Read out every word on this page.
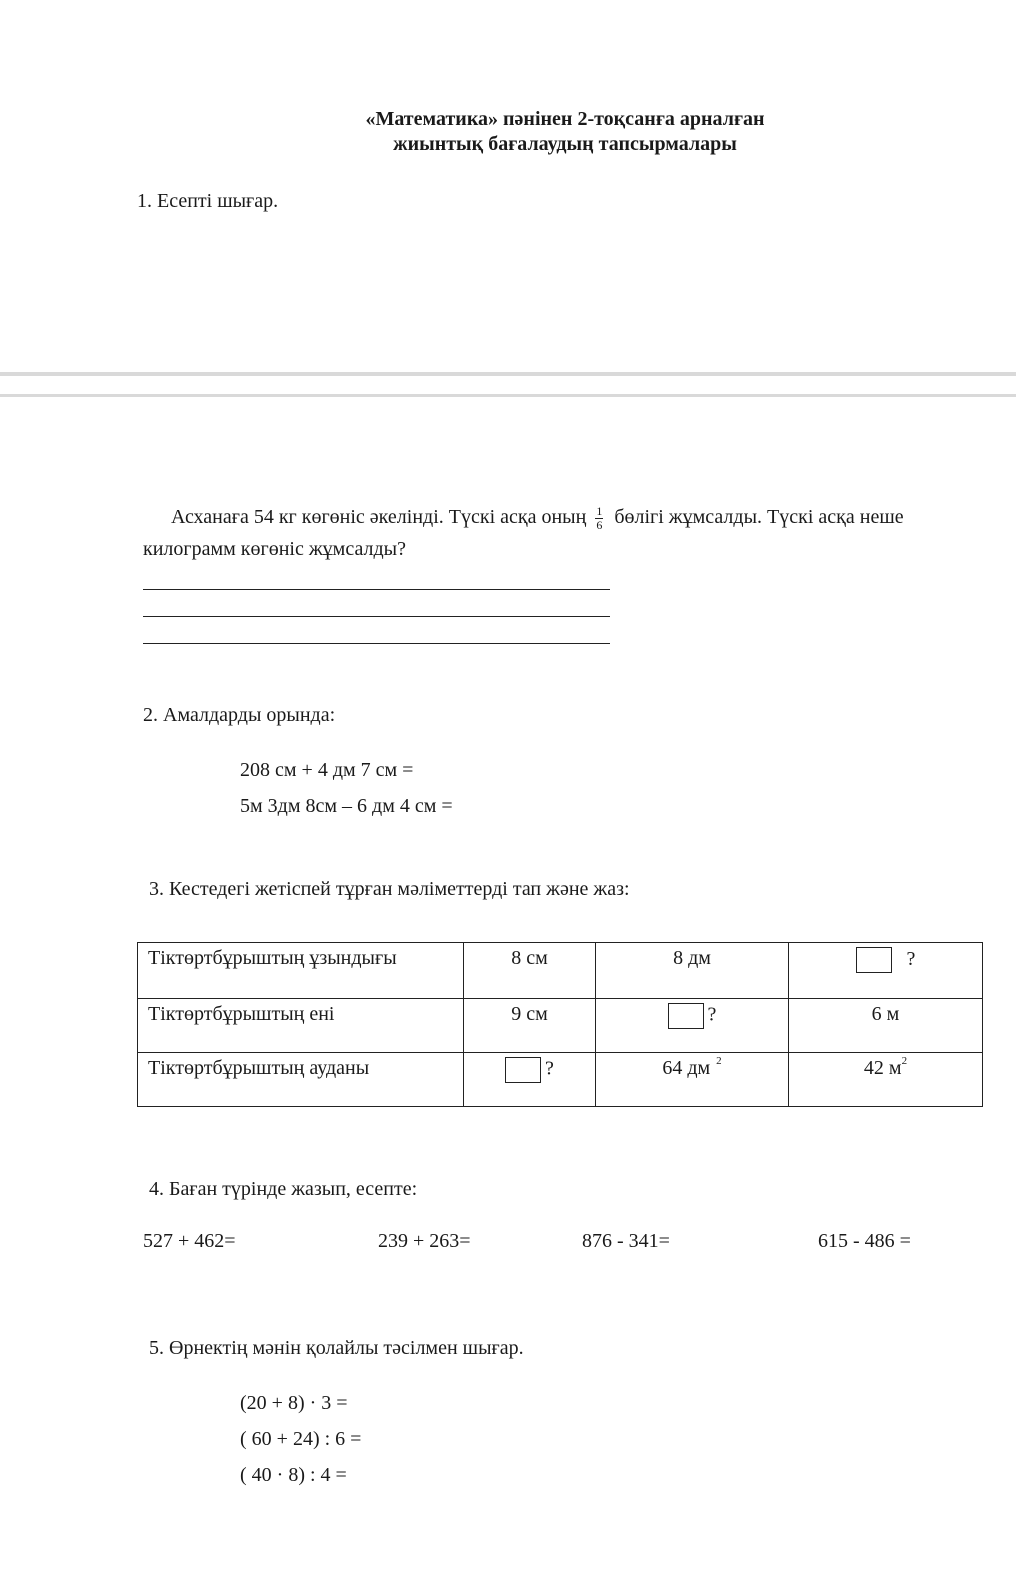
«Математика» пәнінен 2-тоқсанға арналған
жиынтық бағалаудың тапсырмалары
1. Есепті шығар.
Асханаға 54 кг көгөніс әкелінді. Түскі асқа оның $\frac{1}{6}$ бөлігі жұмсалды. Түскі асқа неше
килограмм көгөніс жұмсалды?
2. Амалдарды орында:
208 см + 4 дм 7 см =
5м 3дм 8см – 6 дм 4 см =
3. Кестедегі жетіспей тұрған мәліметтерді тап және жаз:
Тіктөртбұрыштың ұзындығы	8 см	8 дм	?
Тіктөртбұрыштың ені	9 см	?	6 м
Тіктөртбұрыштың ауданы	?	64 дм $^2$	42 $м^2$
4. Баған түрінде жазып, есепте:
527 + 462=	239 + 263=	876 - 341=	615 - 486 =
5. Өрнектің мәнін қолайлы тәсілмен шығар.
(20 + 8) · 3 =
( 60 + 24) : 6 =
( 40 · 8) : 4 =
